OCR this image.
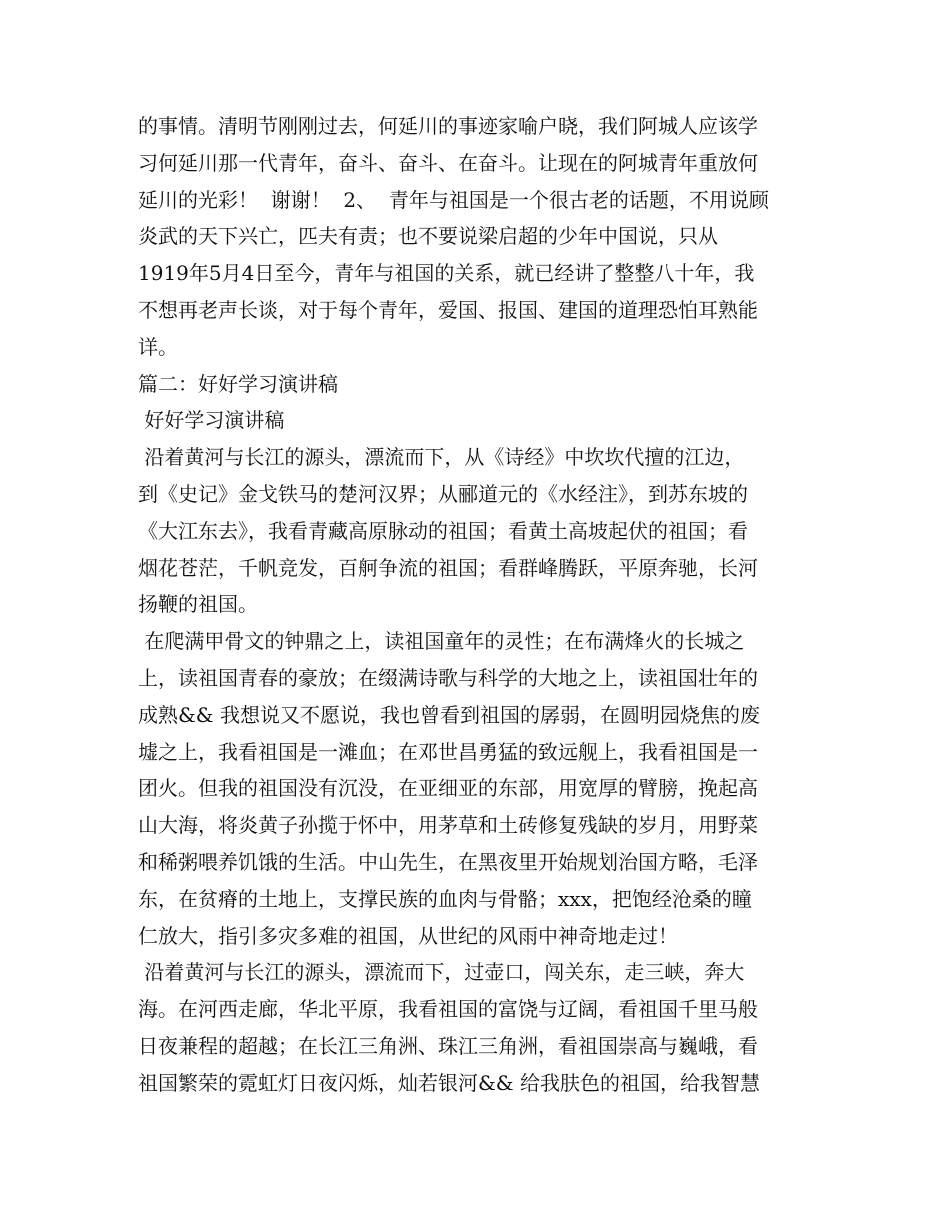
的事情。清明节刚刚过去，何延川的事迹家喻户晓，我们阿城人应该学
习何延川那一代青年，奋斗、奋斗、在奋斗。让现在的阿城青年重放何
延川的光彩！  谢谢！  2、  青年与祖国是一个很古老的话题，不用说顾
炎武的天下兴亡，匹夫有责；也不要说梁启超的少年中国说，只从
1919年5月4日至今，青年与祖国的关系，就已经讲了整整八十年，我
不想再老声长谈，对于每个青年，爱国、报国、建国的道理恐怕耳熟能
详。
篇二：好好学习演讲稿
好好学习演讲稿
沿着黄河与长江的源头，漂流而下，从《诗经》中坎坎代擅的江边，
到《史记》金戈铁马的楚河汉界；从郦道元的《水经注》，到苏东坡的
《大江东去》，我看青藏高原脉动的祖国；看黄土高坡起伏的祖国；看
烟花苍茫，千帆竞发，百舸争流的祖国；看群峰腾跃，平原奔驰，长河
扬鞭的祖国。
在爬满甲骨文的钟鼎之上，读祖国童年的灵性；在布满烽火的长城之
上，读祖国青春的豪放；在缀满诗歌与科学的大地之上，读祖国壮年的
成熟&& 我想说又不愿说，我也曾看到祖国的孱弱，在圆明园烧焦的废
墟之上，我看祖国是一滩血；在邓世昌勇猛的致远舰上，我看祖国是一
团火。但我的祖国没有沉没，在亚细亚的东部，用宽厚的臂膀，挽起高
山大海，将炎黄子孙揽于怀中，用茅草和土砖修复残缺的岁月，用野菜
和稀粥喂养饥饿的生活。中山先生，在黑夜里开始规划治国方略，毛泽
东，在贫瘠的土地上，支撑民族的血肉与骨骼；xxx，把饱经沧桑的瞳
仁放大，指引多灾多难的祖国，从世纪的风雨中神奇地走过！
沿着黄河与长江的源头，漂流而下，过壶口，闯关东，走三峡，奔大
海。在河西走廊，华北平原，我看祖国的富饶与辽阔，看祖国千里马般
日夜兼程的超越；在长江三角洲、珠江三角洲，看祖国崇高与巍峨，看
祖国繁荣的霓虹灯日夜闪烁，灿若银河&& 给我肤色的祖国，给我智慧
